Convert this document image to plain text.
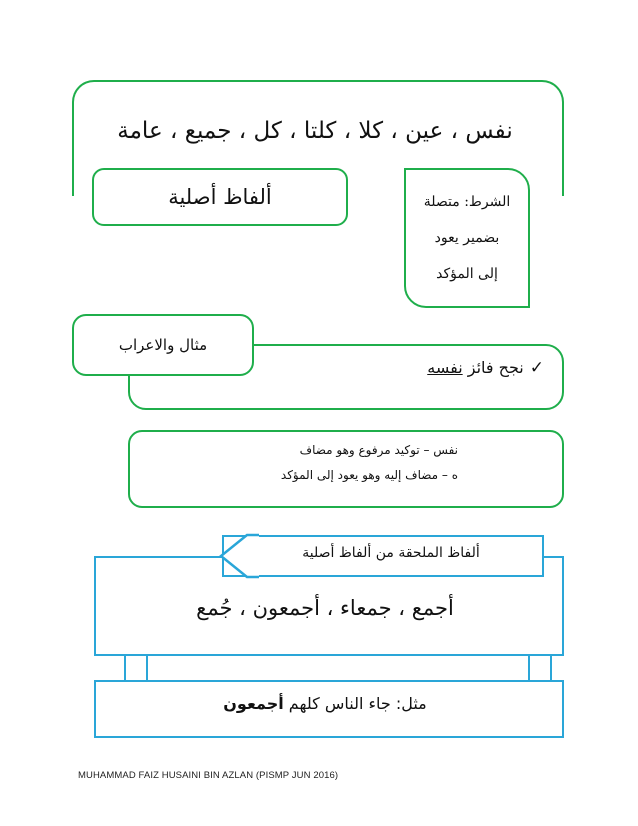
نفس ، عين ، كلا ، كلتا ، كل ، جميع ، عامة
ألفاظ أصلية	الشرط: متصلة
بضمير يعود
إلى المؤكد
مثال والاعراب
✓نجح فائز نفسه
نفس – توكيد مرفوع وهو مضاف
ه – مضاف إليه وهو يعود إلى المؤكد
ألفاظ الملحقة من ألفاظ أصلية
أجمع ، جمعاء ، أجمعون ، جُمع
مثل: جاء الناس كلهم أجمعون
MUHAMMAD FAIZ HUSAINI BIN AZLAN (PISMP JUN 2016)
